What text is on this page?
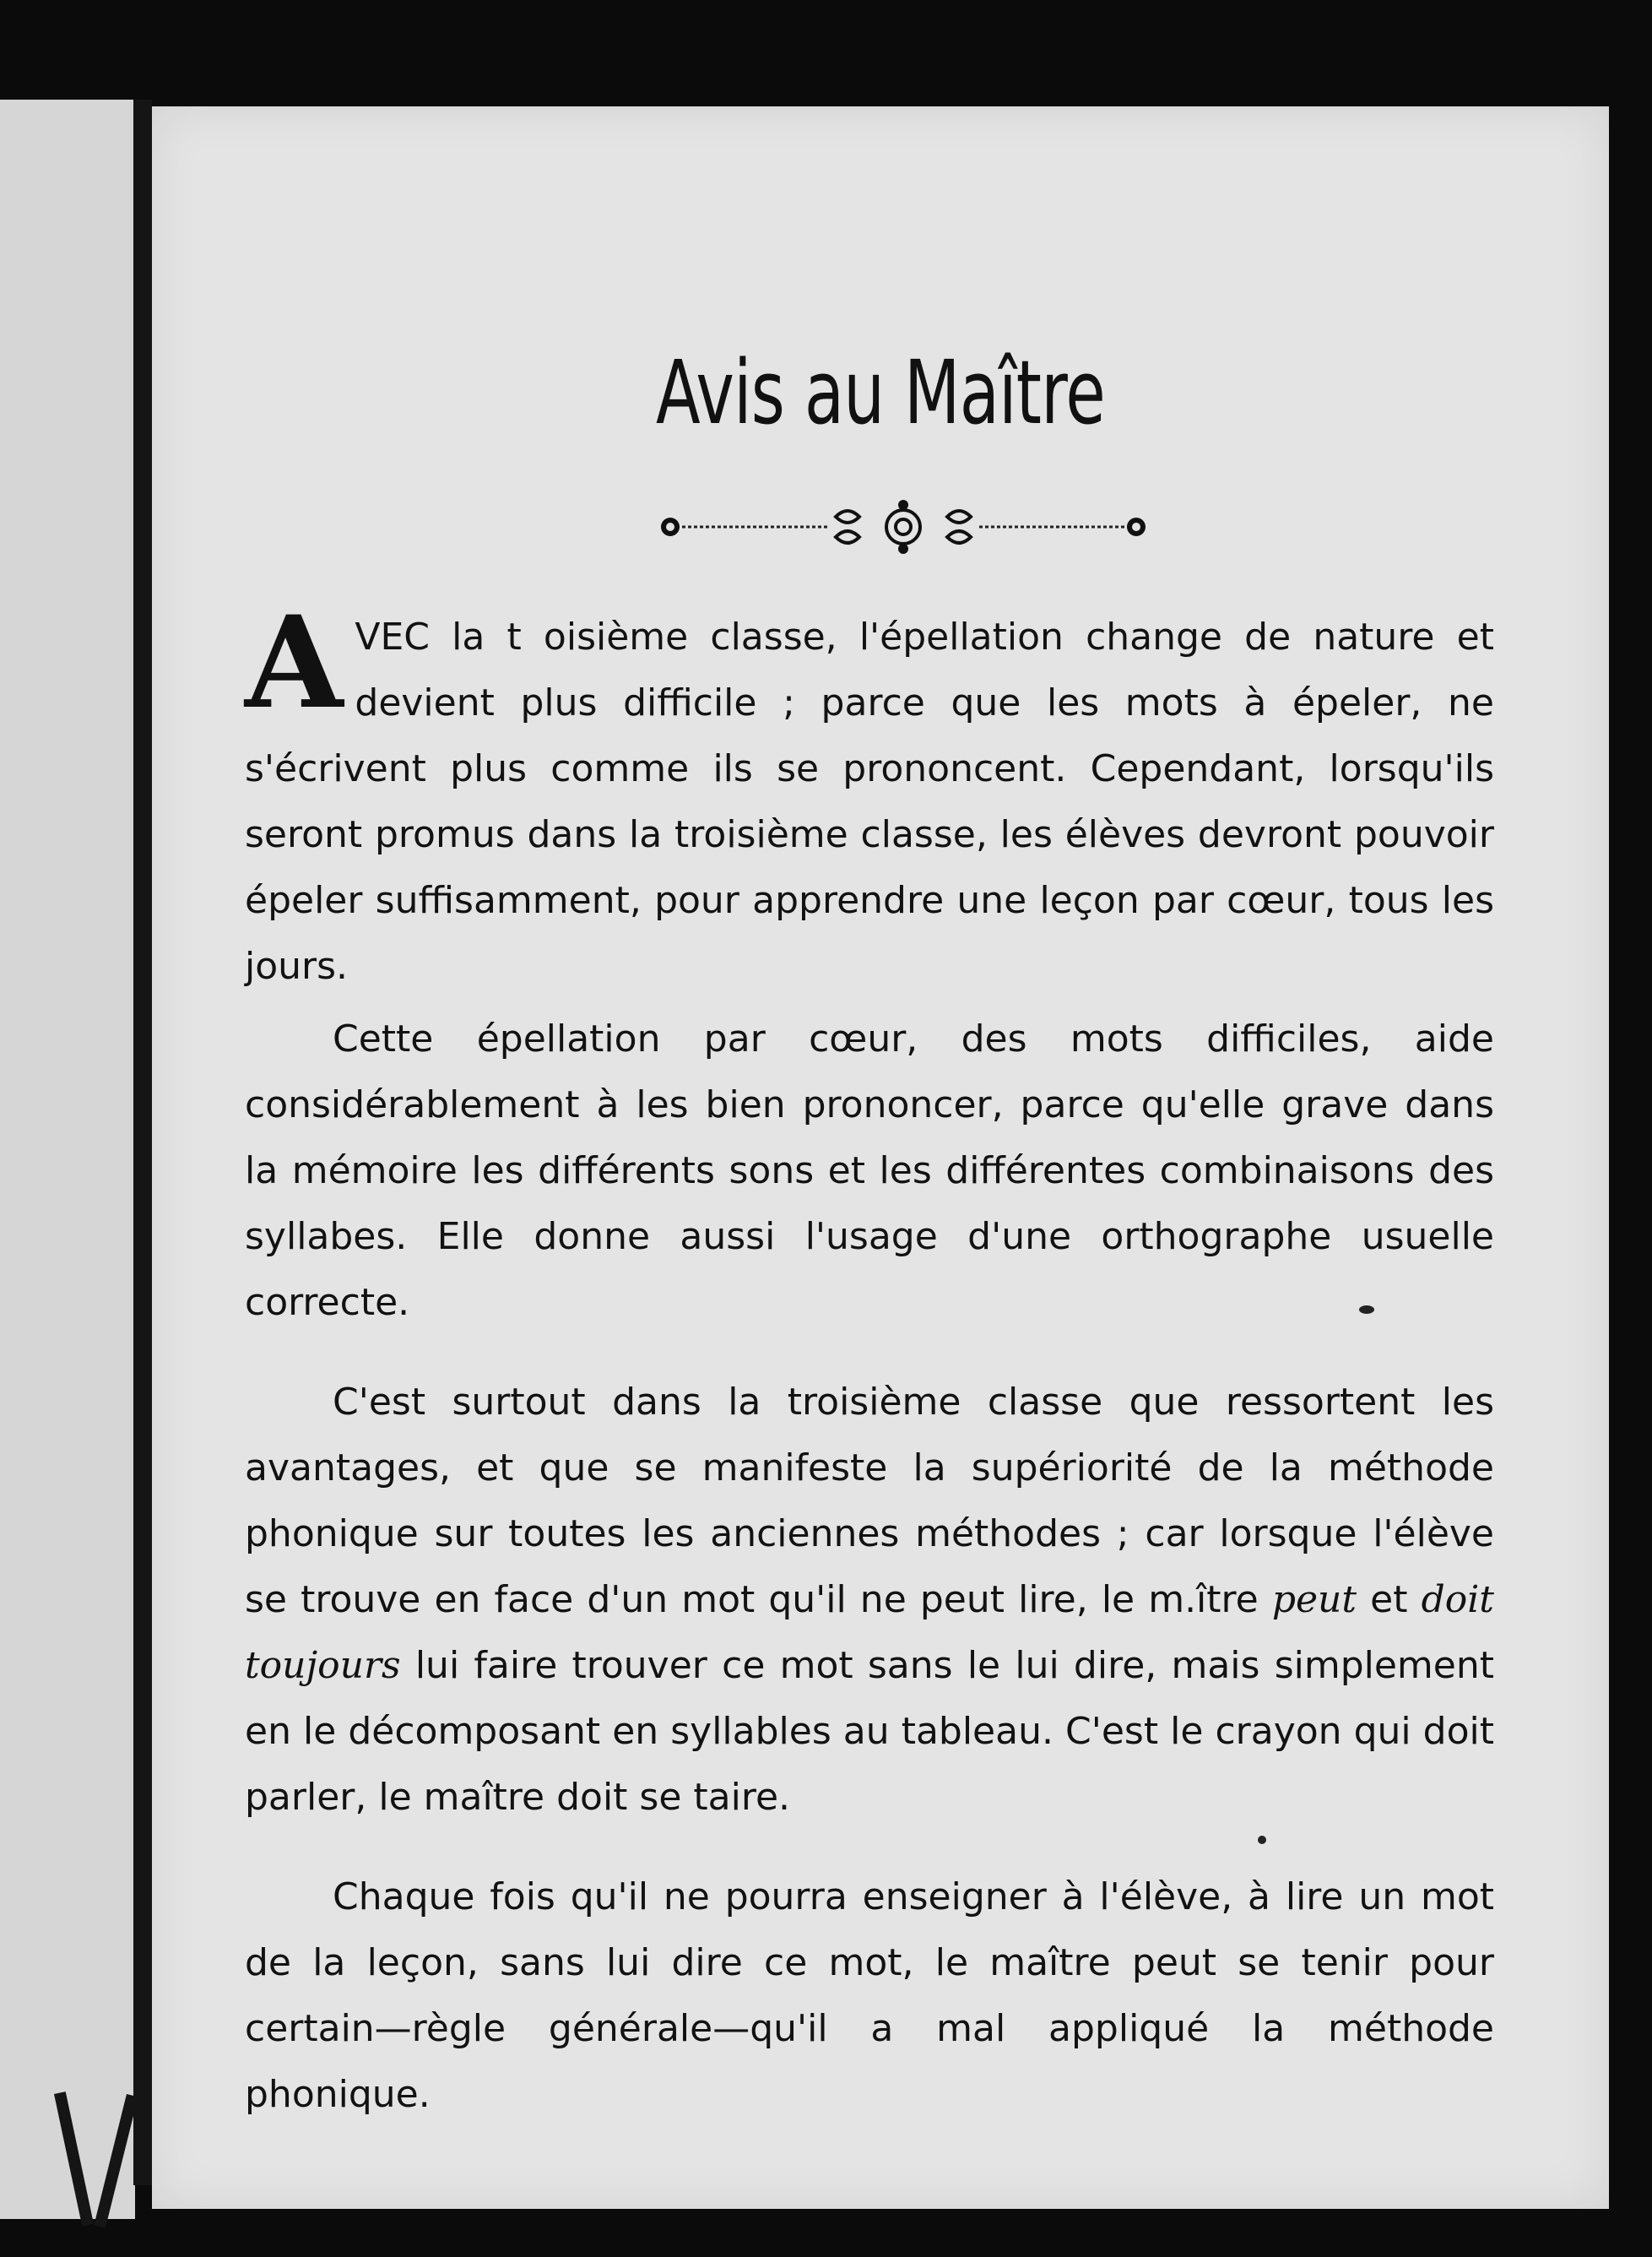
Avis au Maître

AVEC la t oisième classe, l'épellation change de nature et devient plus difficile ; parce que les mots à épeler, ne s'écrivent plus comme ils se prononcent. Cependant, lorsqu'ils seront promus dans la troisième classe, les élèves devront pouvoir épeler suffisamment, pour apprendre une leçon par cœur, tous les jours.

Cette épellation par cœur, des mots difficiles, aide considérablement à les bien prononcer, parce qu'elle grave dans la mémoire les différents sons et les différentes combinaisons des syllabes. Elle donne aussi l'usage d'une orthographe usuelle correcte.

C'est surtout dans la troisième classe que ressortent les avantages, et que se manifeste la supériorité de la méthode phonique sur toutes les anciennes méthodes ; car lorsque l'élève se trouve en face d'un mot qu'il ne peut lire, le m.ître peut et doit toujours lui faire trouver ce mot sans le lui dire, mais simplement en le décomposant en syllables au tableau. C'est le crayon qui doit parler, le maître doit se taire.

Chaque fois qu'il ne pourra enseigner à l'élève, à lire un mot de la leçon, sans lui dire ce mot, le maître peut se tenir pour certain—règle générale—qu'il a mal appliqué la méthode phonique.
